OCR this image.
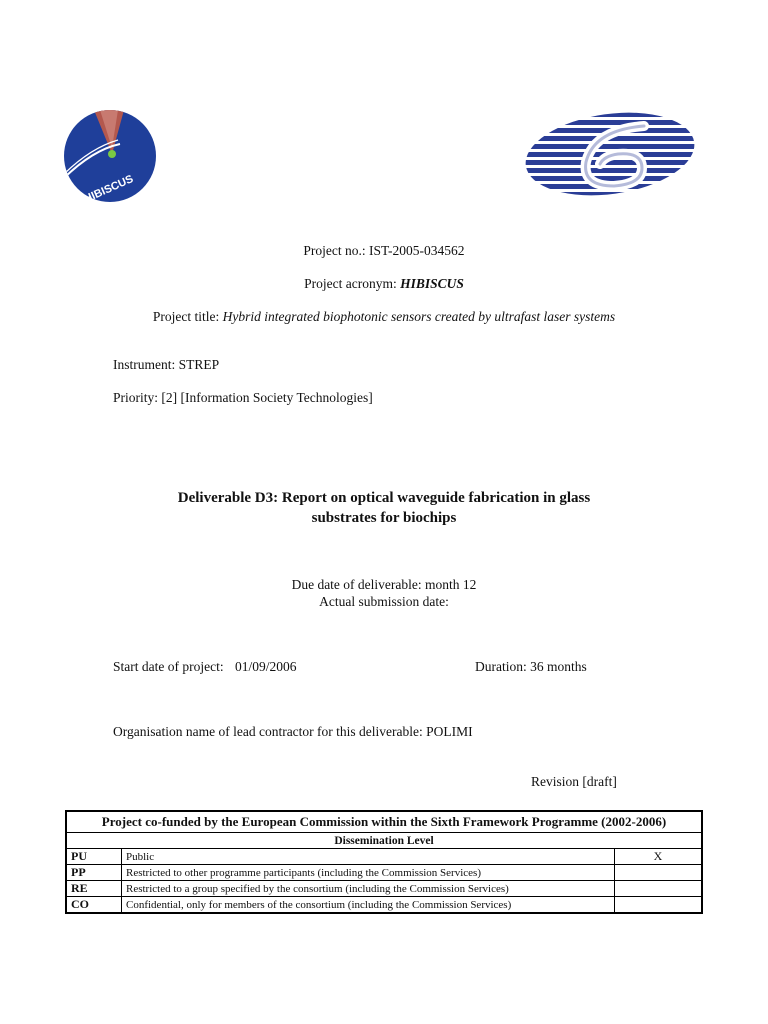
HIBISCUS
Project no.: IST-2005-034562
Project acronym: HIBISCUS
Project title: Hybrid integrated biophotonic sensors created by ultrafast laser systems
Instrument: STREP
Priority: [2] [Information Society Technologies]
Deliverable D3: Report on optical waveguide fabrication in glass
substrates for biochips
Due date of deliverable: month 12
Actual submission date:
Start date of project: 01/09/2006	Duration: 36 months
Organisation name of lead contractor for this deliverable: POLIMI
Revision [draft]
Project co-funded by the European Commission within the Sixth Framework Programme (2002-2006)		
Dissemination Level		
PU	Public	X
PP	Restricted to other programme participants (including the Commission Services)	
RE	Restricted to a group specified by the consortium (including the Commission Services)	
CO	Confidential, only for members of the consortium (including the Commission Services)	
